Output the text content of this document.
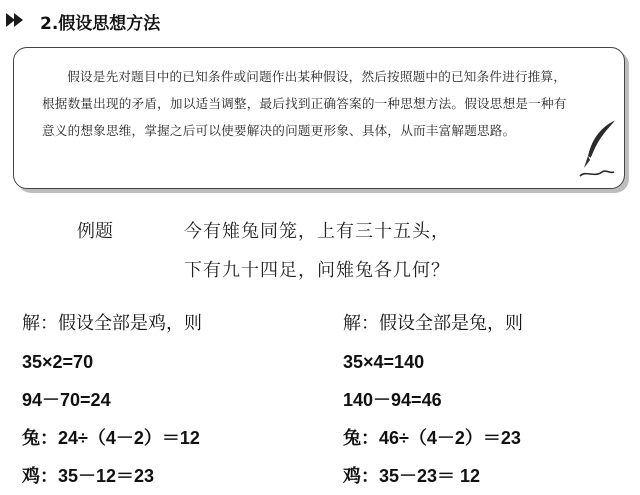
2.假设思想方法

假设是先对题目中的已知条件或问题作出某种假设，然后按照题中的已知条件进行推算，根据数量出现的矛盾，加以适当调整，最后找到正确答案的一种思想方法。假设思想是一种有意义的想象思维，掌握之后可以使要解决的问题更形象、具体，从而丰富解题思路。

例题	今有雉兔同笼，上有三十五头，
下有九十四足，问雉兔各几何？
解：假设全部是鸡，则
35×2=70
94－70=24
兔：24÷（4－2）＝12
鸡：35－12＝23
解：假设全部是兔，则
35×4=140
140－94=46
兔：46÷（4－2）＝23
鸡：35－23＝ 12
